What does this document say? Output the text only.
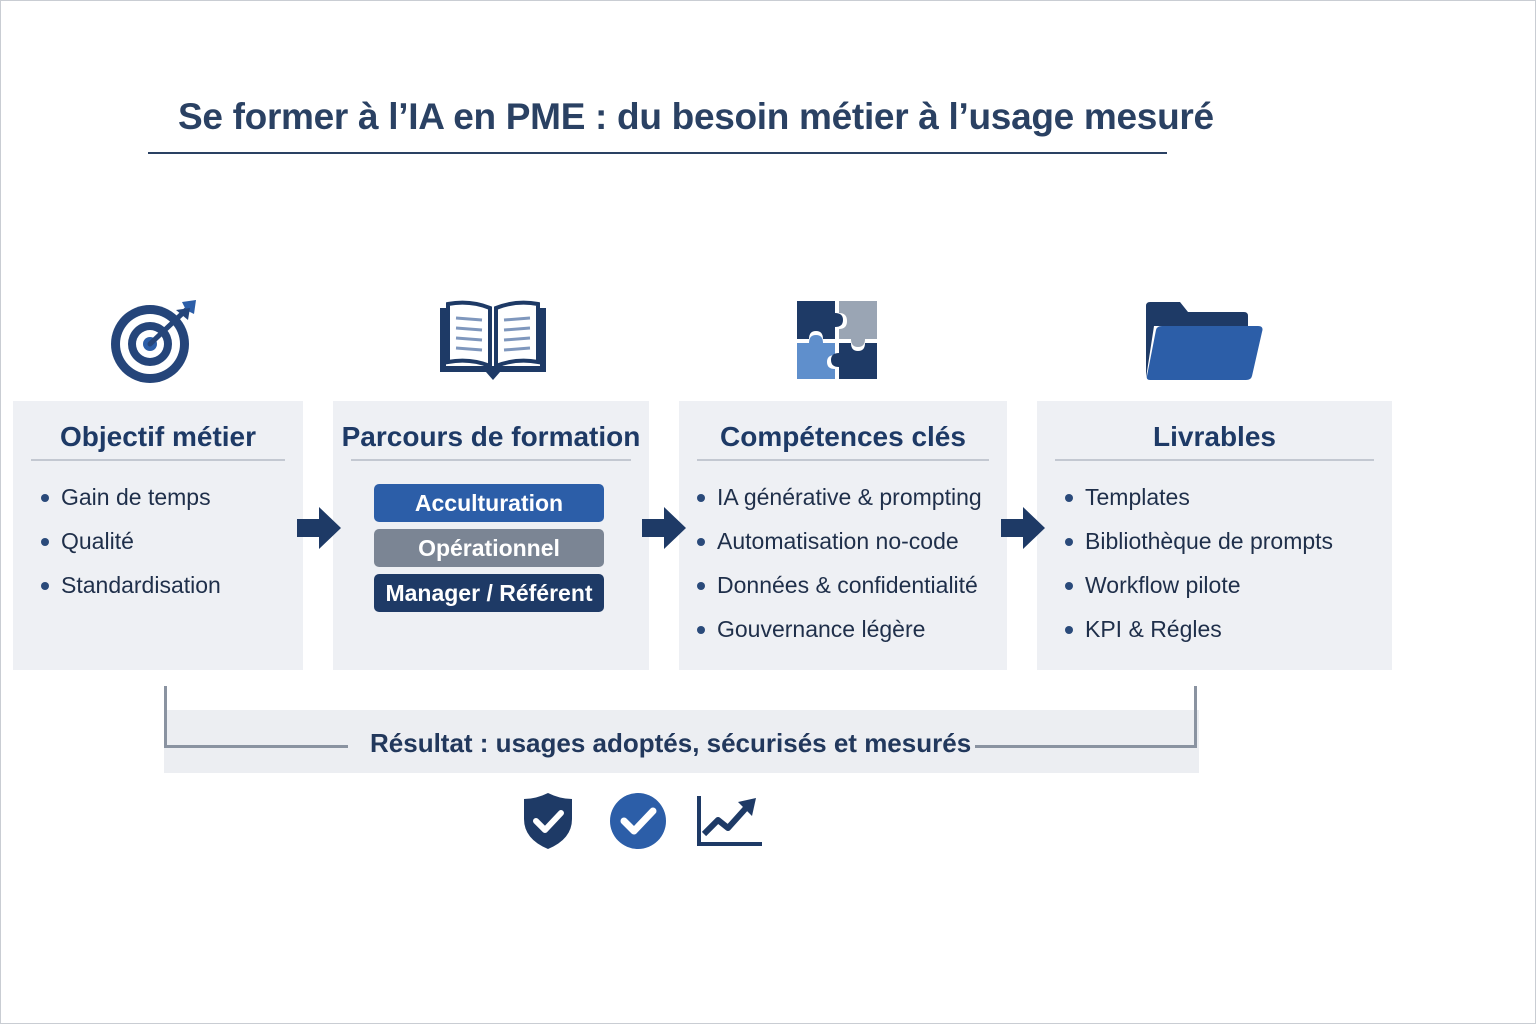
Se former à l’IA en PME : du besoin métier à l’usage mesuré
Objectif métier
Gain de temps
Qualité
Standardisation
Parcours de formation
Acculturation
Opérationnel
Manager / Référent
Compétences clés
IA générative & prompting
Automatisation no-code
Données & confidentialité
Gouvernance légère
Livrables
Templates
Bibliothèque de prompts
Workflow pilote
KPI & Régles
Résultat : usages adoptés, sécurisés et mesurés
